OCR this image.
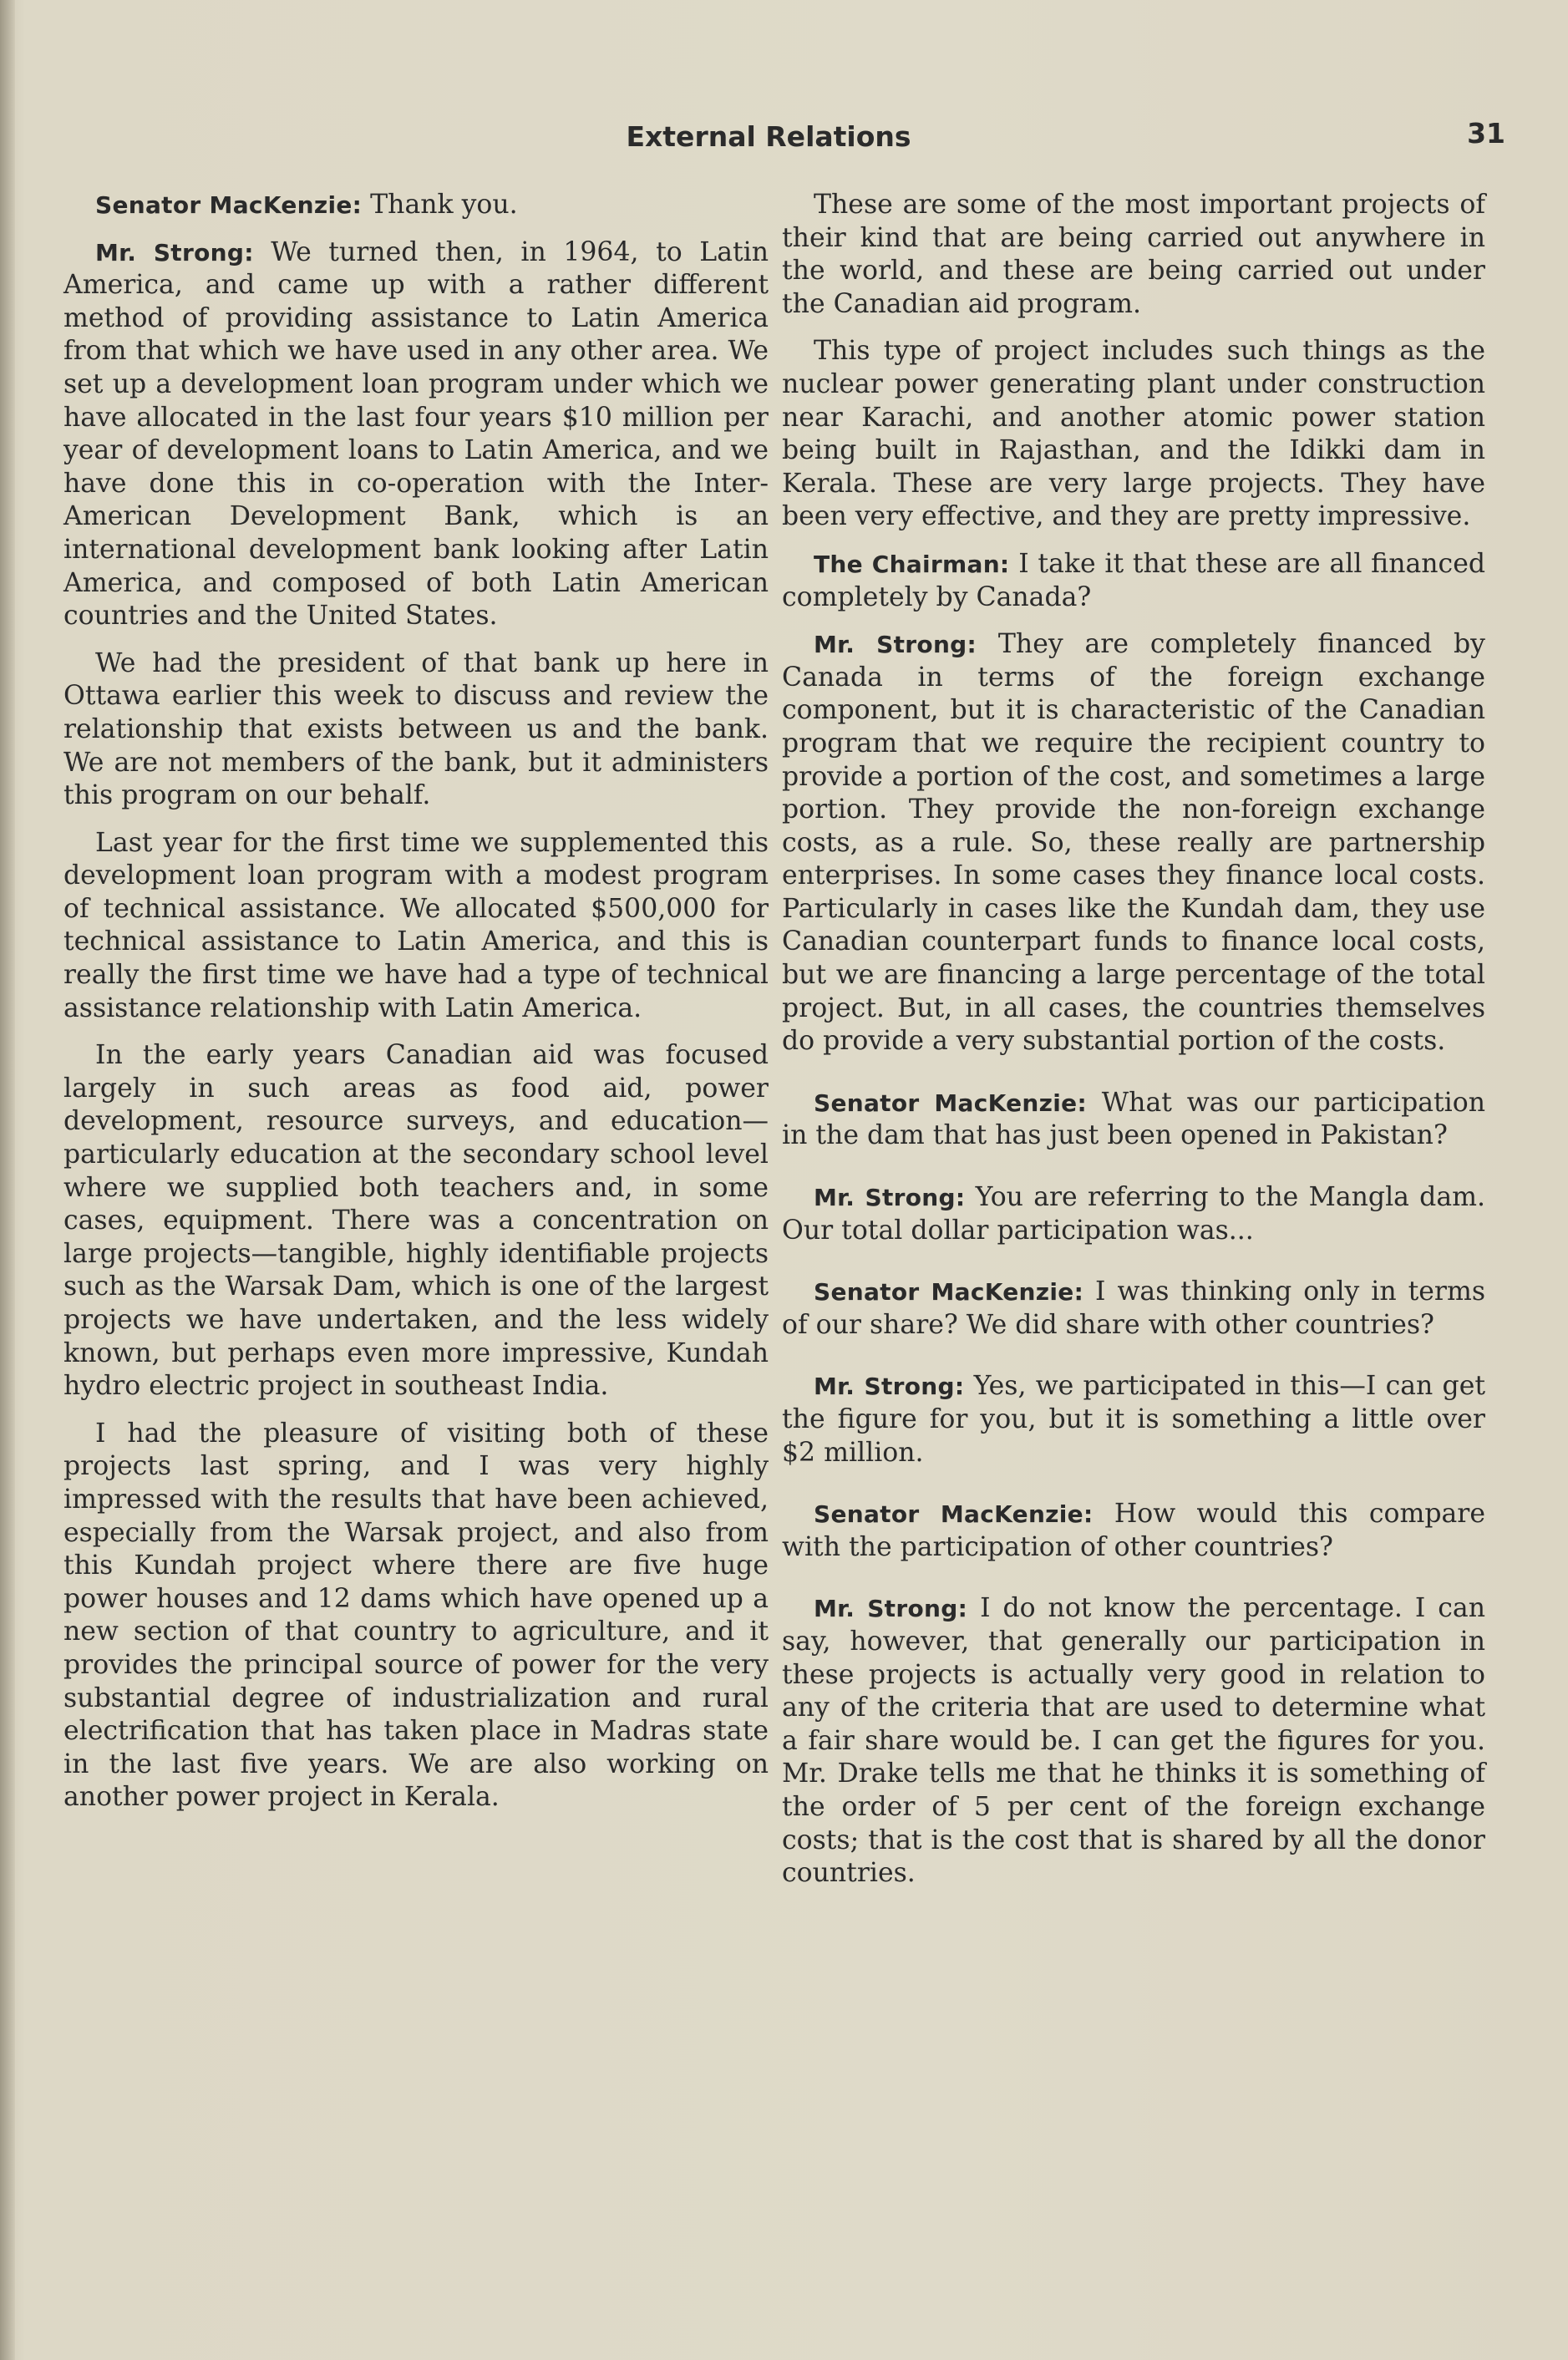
External Relations	31

Senator MacKenzie: Thank you.

Mr. Strong: We turned then, in 1964, to Latin America, and came up with a rather different method of providing assistance to Latin America from that which we have used in any other area. We set up a development loan program under which we have allocated in the last four years $10 million per year of development loans to Latin America, and we have done this in co-operation with the Inter-American Development Bank, which is an international development bank looking after Latin America, and composed of both Latin American countries and the United States.

We had the president of that bank up here in Ottawa earlier this week to discuss and review the relationship that exists between us and the bank. We are not members of the bank, but it administers this program on our behalf.

Last year for the first time we supplemented this development loan program with a modest program of technical assistance. We allocated $500,000 for technical assistance to Latin America, and this is really the first time we have had a type of technical assistance relationship with Latin America.

In the early years Canadian aid was focused largely in such areas as food aid, power development, resource surveys, and education—particularly education at the secondary school level where we supplied both teachers and, in some cases, equipment. There was a concentration on large projects—tangible, highly identifiable projects such as the Warsak Dam, which is one of the largest projects we have undertaken, and the less widely known, but perhaps even more impressive, Kundah hydro electric project in southeast India.

I had the pleasure of visiting both of these projects last spring, and I was very highly impressed with the results that have been achieved, especially from the Warsak project, and also from this Kundah project where there are five huge power houses and 12 dams which have opened up a new section of that country to agriculture, and it provides the principal source of power for the very substantial degree of industrialization and rural electrification that has taken place in Madras state in the last five years. We are also working on another power project in Kerala.

These are some of the most important projects of their kind that are being carried out anywhere in the world, and these are being carried out under the Canadian aid program.

This type of project includes such things as the nuclear power generating plant under construction near Karachi, and another atomic power station being built in Rajasthan, and the Idikki dam in Kerala. These are very large projects. They have been very effective, and they are pretty impressive.

The Chairman: I take it that these are all financed completely by Canada?

Mr. Strong: They are completely financed by Canada in terms of the foreign exchange component, but it is characteristic of the Canadian program that we require the recipient country to provide a portion of the cost, and sometimes a large portion. They provide the non-foreign exchange costs, as a rule. So, these really are partnership enterprises. In some cases they finance local costs. Particularly in cases like the Kundah dam, they use Canadian counterpart funds to finance local costs, but we are financing a large percentage of the total project. But, in all cases, the countries themselves do provide a very substantial portion of the costs.

Senator MacKenzie: What was our participation in the dam that has just been opened in Pakistan?

Mr. Strong: You are referring to the Mangla dam. Our total dollar participation was...

Senator MacKenzie: I was thinking only in terms of our share? We did share with other countries?

Mr. Strong: Yes, we participated in this—I can get the figure for you, but it is something a little over $2 million.

Senator MacKenzie: How would this compare with the participation of other countries?

Mr. Strong: I do not know the percentage. I can say, however, that generally our participation in these projects is actually very good in relation to any of the criteria that are used to determine what a fair share would be. I can get the figures for you. Mr. Drake tells me that he thinks it is something of the order of 5 per cent of the foreign exchange costs; that is the cost that is shared by all the donor countries.
